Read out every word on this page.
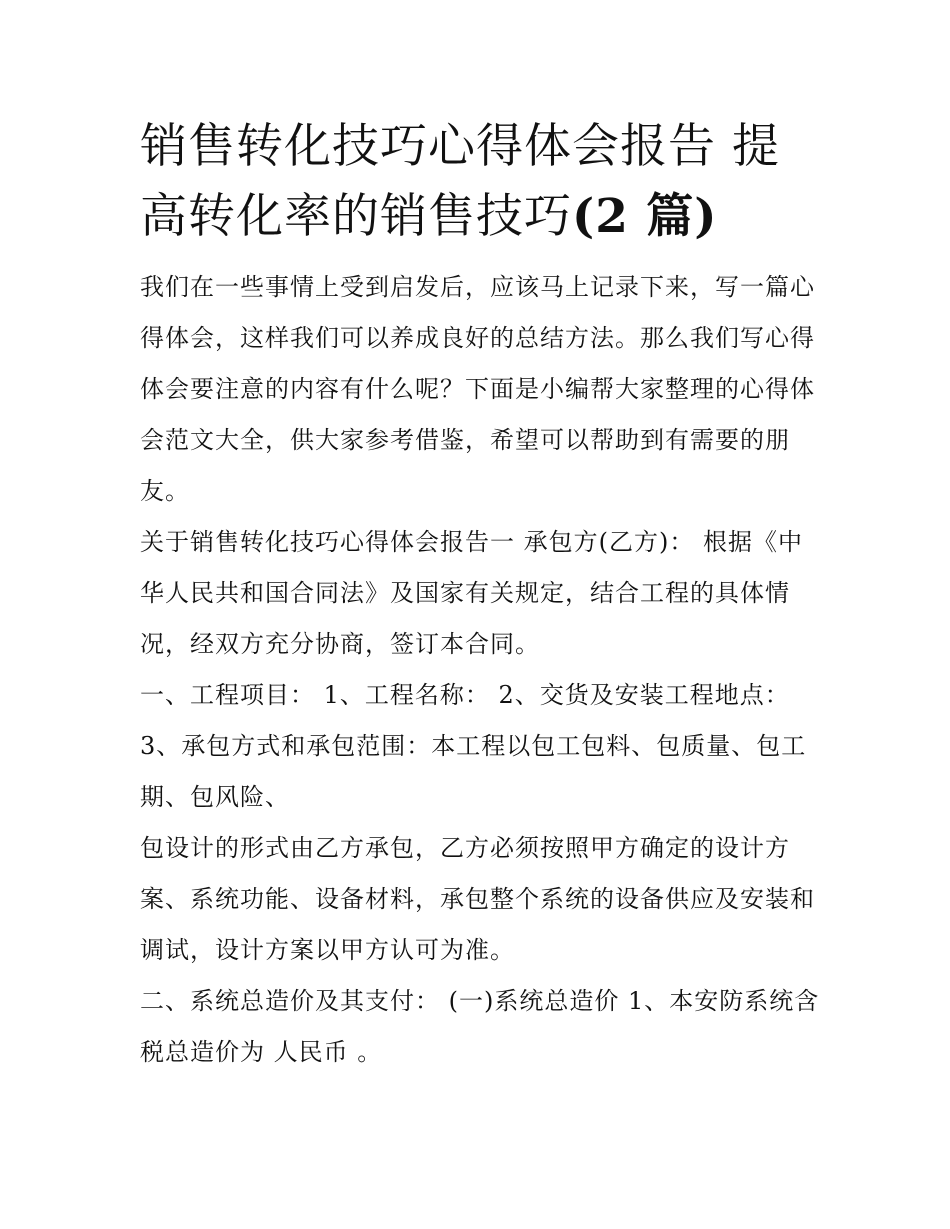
销售转化技巧心得体会报告 提
高转化率的销售技巧(2 篇)

我们在一些事情上受到启发后，应该马上记录下来，写一篇心得体会，这样我们可以养成良好的总结方法。那么我们写心得体会要注意的内容有什么呢？下面是小编帮大家整理的心得体会范文大全，供大家参考借鉴，希望可以帮助到有需要的朋友。

关于销售转化技巧心得体会报告一 承包方(乙方)： 根据《中华人民共和国合同法》及国家有关规定，结合工程的具体情况，经双方充分协商，签订本合同。

一、工程项目： 1、工程名称： 2、交货及安装工程地点：

3、承包方式和承包范围：本工程以包工包料、包质量、包工期、包风险、

包设计的形式由乙方承包，乙方必须按照甲方确定的设计方案、系统功能、设备材料，承包整个系统的设备供应及安装和调试，设计方案以甲方认可为准。

二、系统总造价及其支付： (一)系统总造价 1、本安防系统含税总造价为 人民币 。
